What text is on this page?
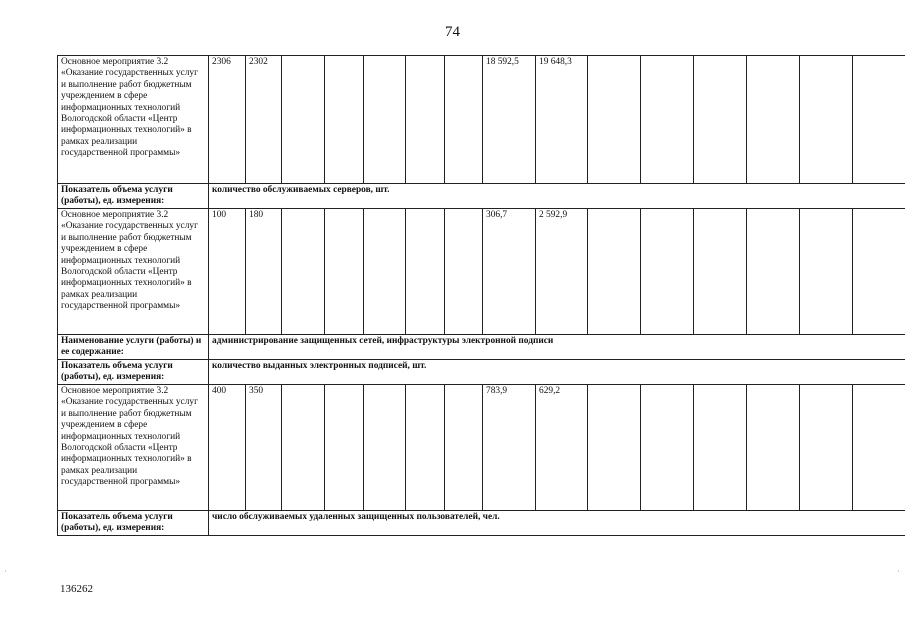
74
Основное мероприятие 3.2 «Оказание государственных услуг и выполнение работ бюджетным учреждением в сфере информационных технологий Вологодской области «Центр информационных технологий» в рамках реализации государственной программы»	2306	2302						18 592,5	19 648,3						
Показатель объема услуги (работы), ед. измерения:	количество обслуживаемых серверов, шт.														
Основное мероприятие 3.2 «Оказание государственных услуг и выполнение работ бюджетным учреждением в сфере информационных технологий Вологодской области «Центр информационных технологий» в рамках реализации государственной программы»	100	180						306,7	2 592,9						
Наименование услуги (работы) и ее содержание:	администрирование защищенных сетей, инфраструктуры электронной подписи														
Показатель объема услуги (работы), ед. измерения:	количество выданных электронных подписей, шт.														
Основное мероприятие 3.2 «Оказание государственных услуг и выполнение работ бюджетным учреждением в сфере информационных технологий Вологодской области «Центр информационных технологий» в рамках реализации государственной программы»	400	350						783,9	629,2						
Показатель объема услуги (работы), ед. измерения:	число обслуживаемых удаленных защищенных пользователей, чел.														
136262
·	·
